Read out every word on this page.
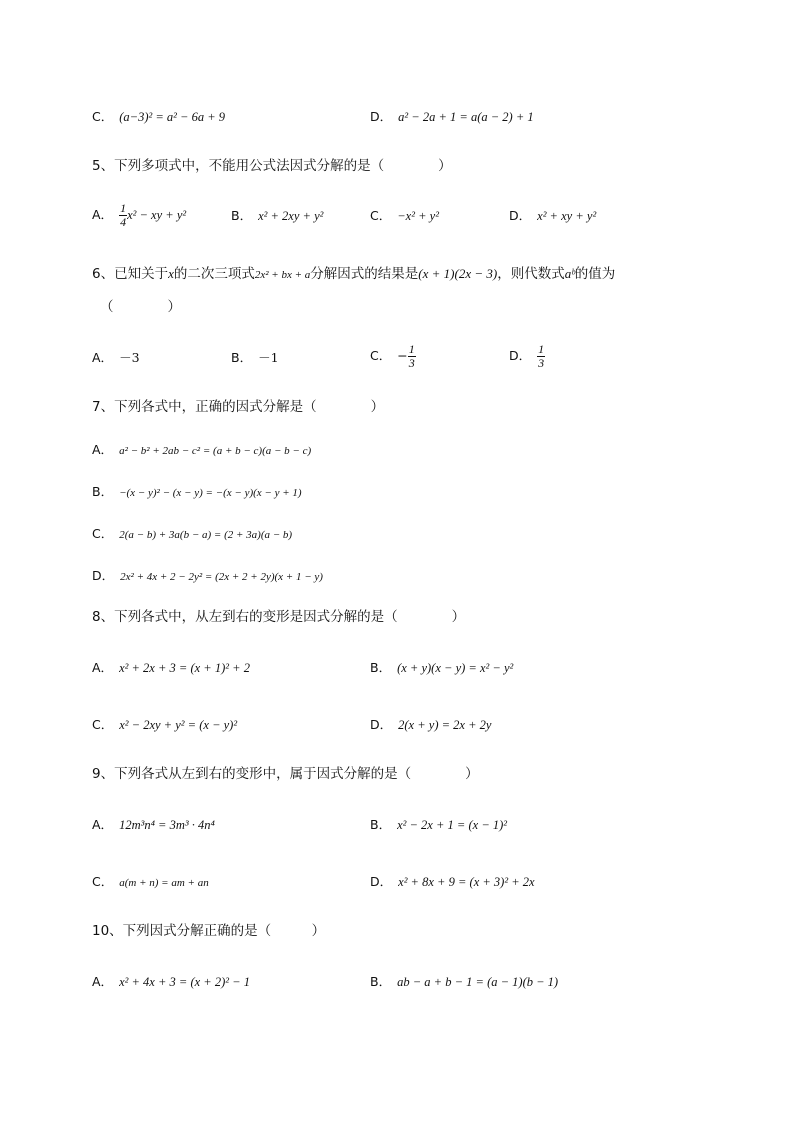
C． (a−3)² = a² − 6a + 9	D． a² − 2a + 1 = a(a − 2) + 1
5、下列多项式中，不能用公式法因式分解的是（　　　　）
A． $\frac{1}{4} x^2$ − xy + y²	B． x² + 2xy + y²	C． −x² + y²	D． x² + xy + y²
6、已知关于x的二次三项式2x² + bx + a分解因式的结果是(x + 1)(2x − 3)，则代数式aᵇ的值为
（　　　　）
A． －3	B． －1	C． − $\frac{1}{3}$	D． $\frac{1}{3}$
7、下列各式中，正确的因式分解是（　　　　）
A． a² − b² + 2ab − c² = (a + b − c)(a − b − c)
B． −(x − y)² − (x − y) = −(x − y)(x − y + 1)
C． 2(a − b) + 3a(b − a) = (2 + 3a)(a − b)
D． 2x² + 4x + 2 − 2y² = (2x + 2 + 2y)(x + 1 − y)
8、下列各式中，从左到右的变形是因式分解的是（　　　　）
A． x² + 2x + 3 = (x + 1)² + 2	B． (x + y)(x − y) = x² − y²
C． x² − 2xy + y² = (x − y)²	D． 2(x + y) = 2x + 2y
9、下列各式从左到右的变形中，属于因式分解的是（　　　　）
A． 12m³n⁴ = 3m³ · 4n⁴	B． x² − 2x + 1 = (x − 1)²
C． a(m + n) = am + an	D． x² + 8x + 9 = (x + 3)² + 2x
10、下列因式分解正确的是（　　　）
A． x² + 4x + 3 = (x + 2)² − 1	B． ab − a + b − 1 = (a − 1)(b − 1)
